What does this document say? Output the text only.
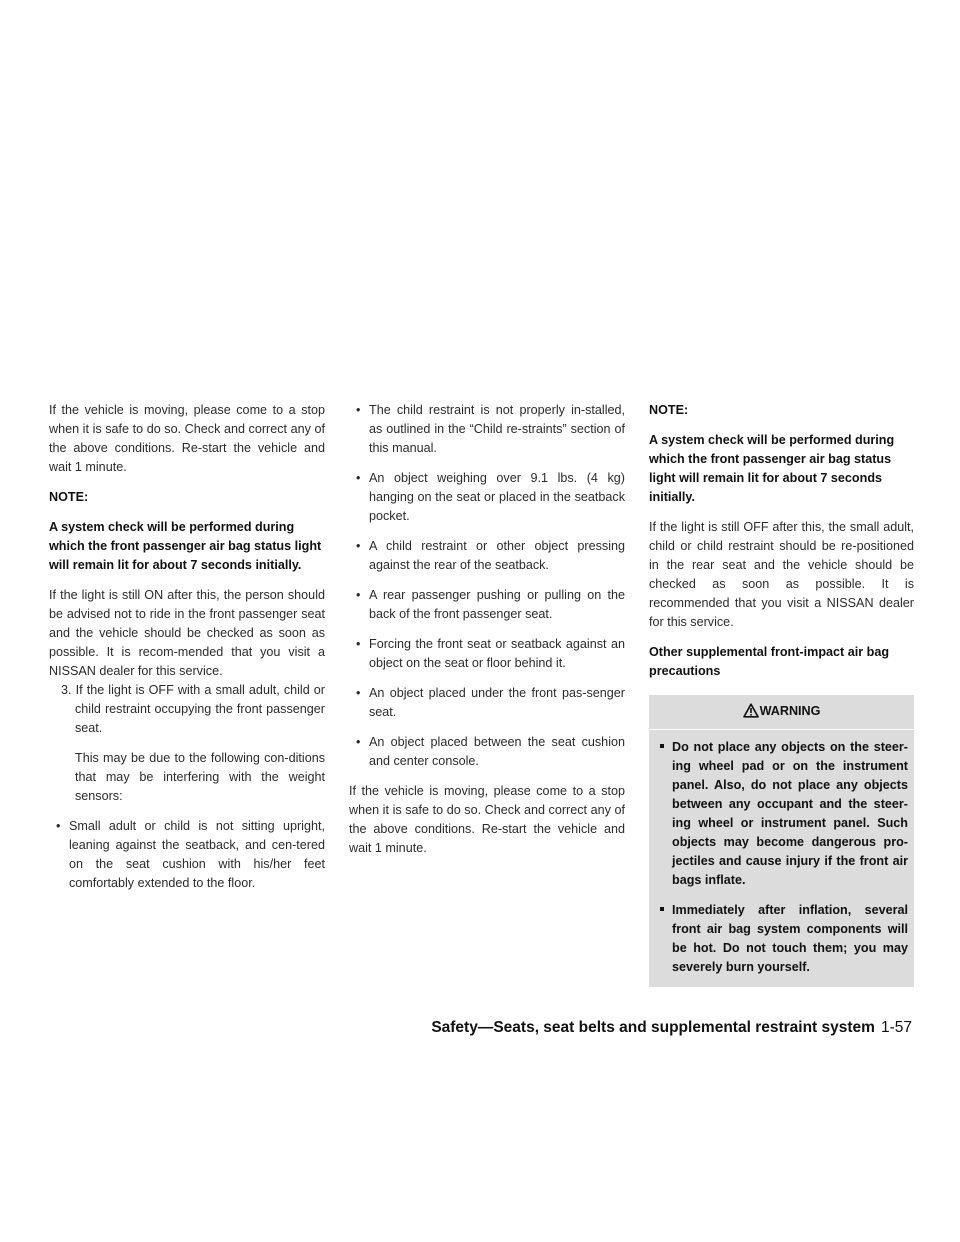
If the vehicle is moving, please come to a stop when it is safe to do so. Check and correct any of the above conditions. Re-start the vehicle and wait 1 minute.

NOTE:

A system check will be performed during which the front passenger air bag status light will remain lit for about 7 seconds initially.

If the light is still ON after this, the person should be advised not to ride in the front passenger seat and the vehicle should be checked as soon as possible. It is recom-mended that you visit a NISSAN dealer for this service.

3. If the light is OFF with a small adult, child or child restraint occupying the front passenger seat.

This may be due to the following con-ditions that may be interfering with the weight sensors:

• Small adult or child is not sitting upright, leaning against the seatback, and cen-tered on the seat cushion with his/her feet comfortably extended to the floor.

• The child restraint is not properly in-stalled, as outlined in the “Child re-straints” section of this manual.

• An object weighing over 9.1 lbs. (4 kg) hanging on the seat or placed in the seatback pocket.

• A child restraint or other object pressing against the rear of the seatback.

• A rear passenger pushing or pulling on the back of the front passenger seat.

• Forcing the front seat or seatback against an object on the seat or floor behind it.

• An object placed under the front pas-senger seat.

• An object placed between the seat cushion and center console.

If the vehicle is moving, please come to a stop when it is safe to do so. Check and correct any of the above conditions. Re-start the vehicle and wait 1 minute.

NOTE:

A system check will be performed during which the front passenger air bag status light will remain lit for about 7 seconds initially.

If the light is still OFF after this, the small adult, child or child restraint should be re-positioned in the rear seat and the vehicle should be checked as soon as possible. It is recommended that you visit a NISSAN dealer for this service.

Other supplemental front-impact air bag precautions

WARNING

Do not place any objects on the steer-ing wheel pad or on the instrument panel. Also, do not place any objects between any occupant and the steer-ing wheel or instrument panel. Such objects may become dangerous pro-jectiles and cause injury if the front air bags inflate.

Immediately after inflation, several front air bag system components will be hot. Do not touch them; you may severely burn yourself.

Safety—Seats, seat belts and supplemental restraint system 1-57
